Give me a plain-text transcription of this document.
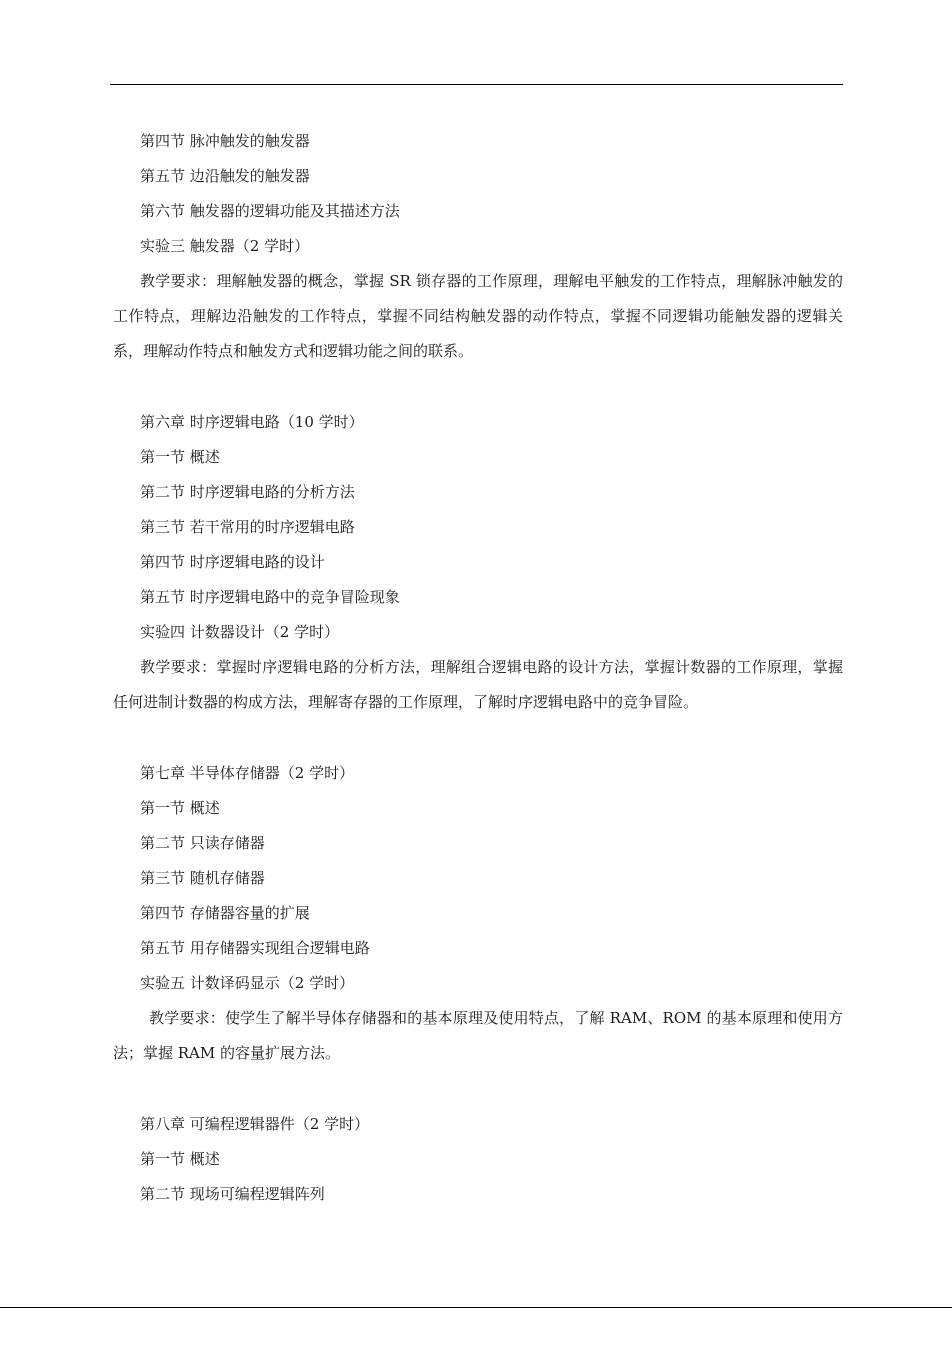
第四节 脉冲触发的触发器
第五节 边沿触发的触发器
第六节 触发器的逻辑功能及其描述方法
实验三 触发器（2 学时）

教学要求：理解触发器的概念，掌握 SR 锁存器的工作原理，理解电平触发的工作特点，理解脉冲触发的工作特点，理解边沿触发的工作特点，掌握不同结构触发器的动作特点，掌握不同逻辑功能触发器的逻辑关系，理解动作特点和触发方式和逻辑功能之间的联系。

第六章 时序逻辑电路（10 学时）
第一节 概述
第二节 时序逻辑电路的分析方法
第三节 若干常用的时序逻辑电路
第四节 时序逻辑电路的设计
第五节 时序逻辑电路中的竞争冒险现象
实验四 计数器设计（2 学时）

教学要求：掌握时序逻辑电路的分析方法，理解组合逻辑电路的设计方法，掌握计数器的工作原理，掌握任何进制计数器的构成方法，理解寄存器的工作原理，了解时序逻辑电路中的竞争冒险。

第七章 半导体存储器（2 学时）
第一节 概述
第二节 只读存储器
第三节 随机存储器
第四节 存储器容量的扩展
第五节 用存储器实现组合逻辑电路
实验五 计数译码显示（2 学时）

教学要求：使学生了解半导体存储器和的基本原理及使用特点，了解 RAM、ROM 的基本原理和使用方法；掌握 RAM 的容量扩展方法。

第八章 可编程逻辑器件（2 学时）
第一节 概述
第二节 现场可编程逻辑阵列
